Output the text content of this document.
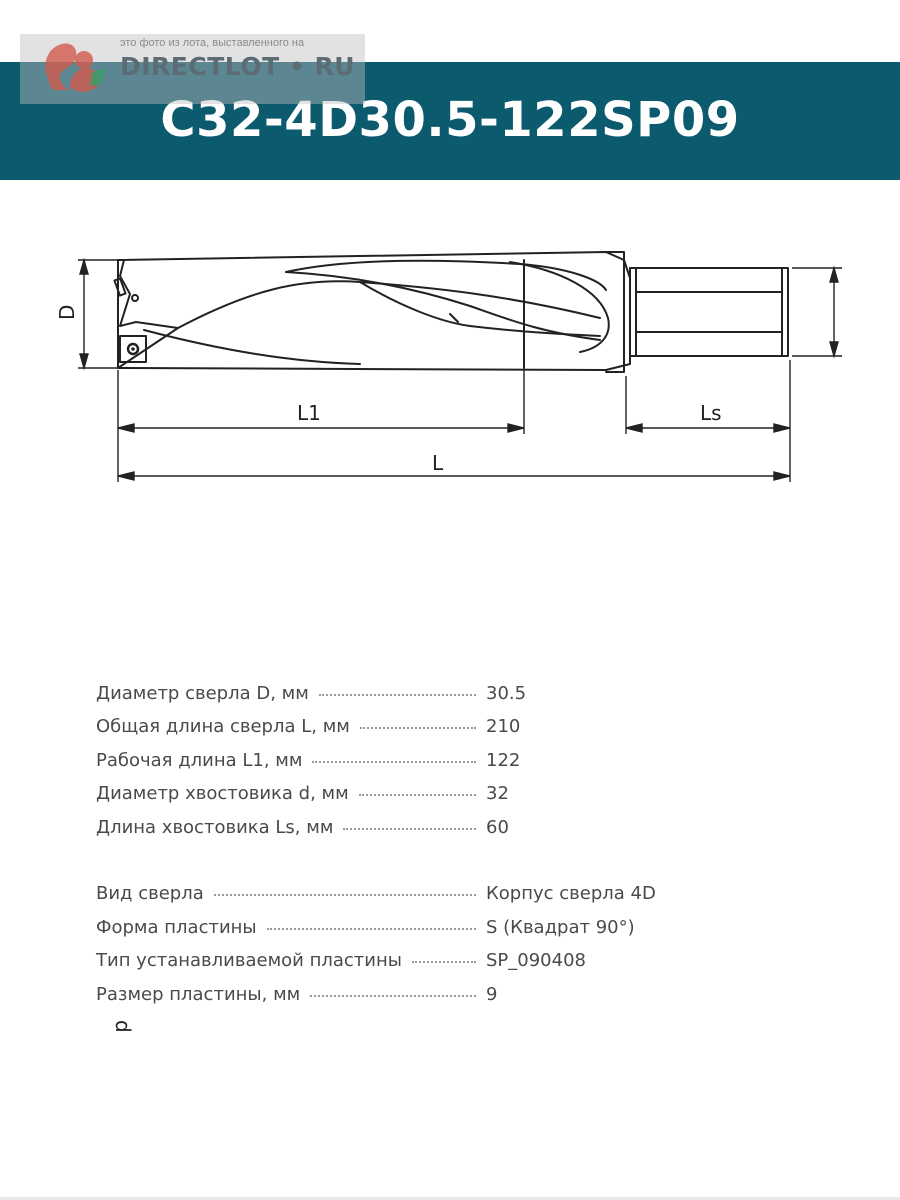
C32-4D30.5-122SP09
это фото из лота, выставленного на
DIRECTLOT • RU
D
d
L1	Ls
L
Диаметр сверла D, мм	30.5
Общая длина сверла L, мм	210
Рабочая длина L1, мм	122
Диаметр хвостовика d, мм	32
Длина хвостовика Ls, мм	60
Вид сверла	Корпус сверла 4D
Форма пластины	S (Квадрат 90°)
Тип устанавливаемой пластины	SP_090408
Размер пластины, мм	9
